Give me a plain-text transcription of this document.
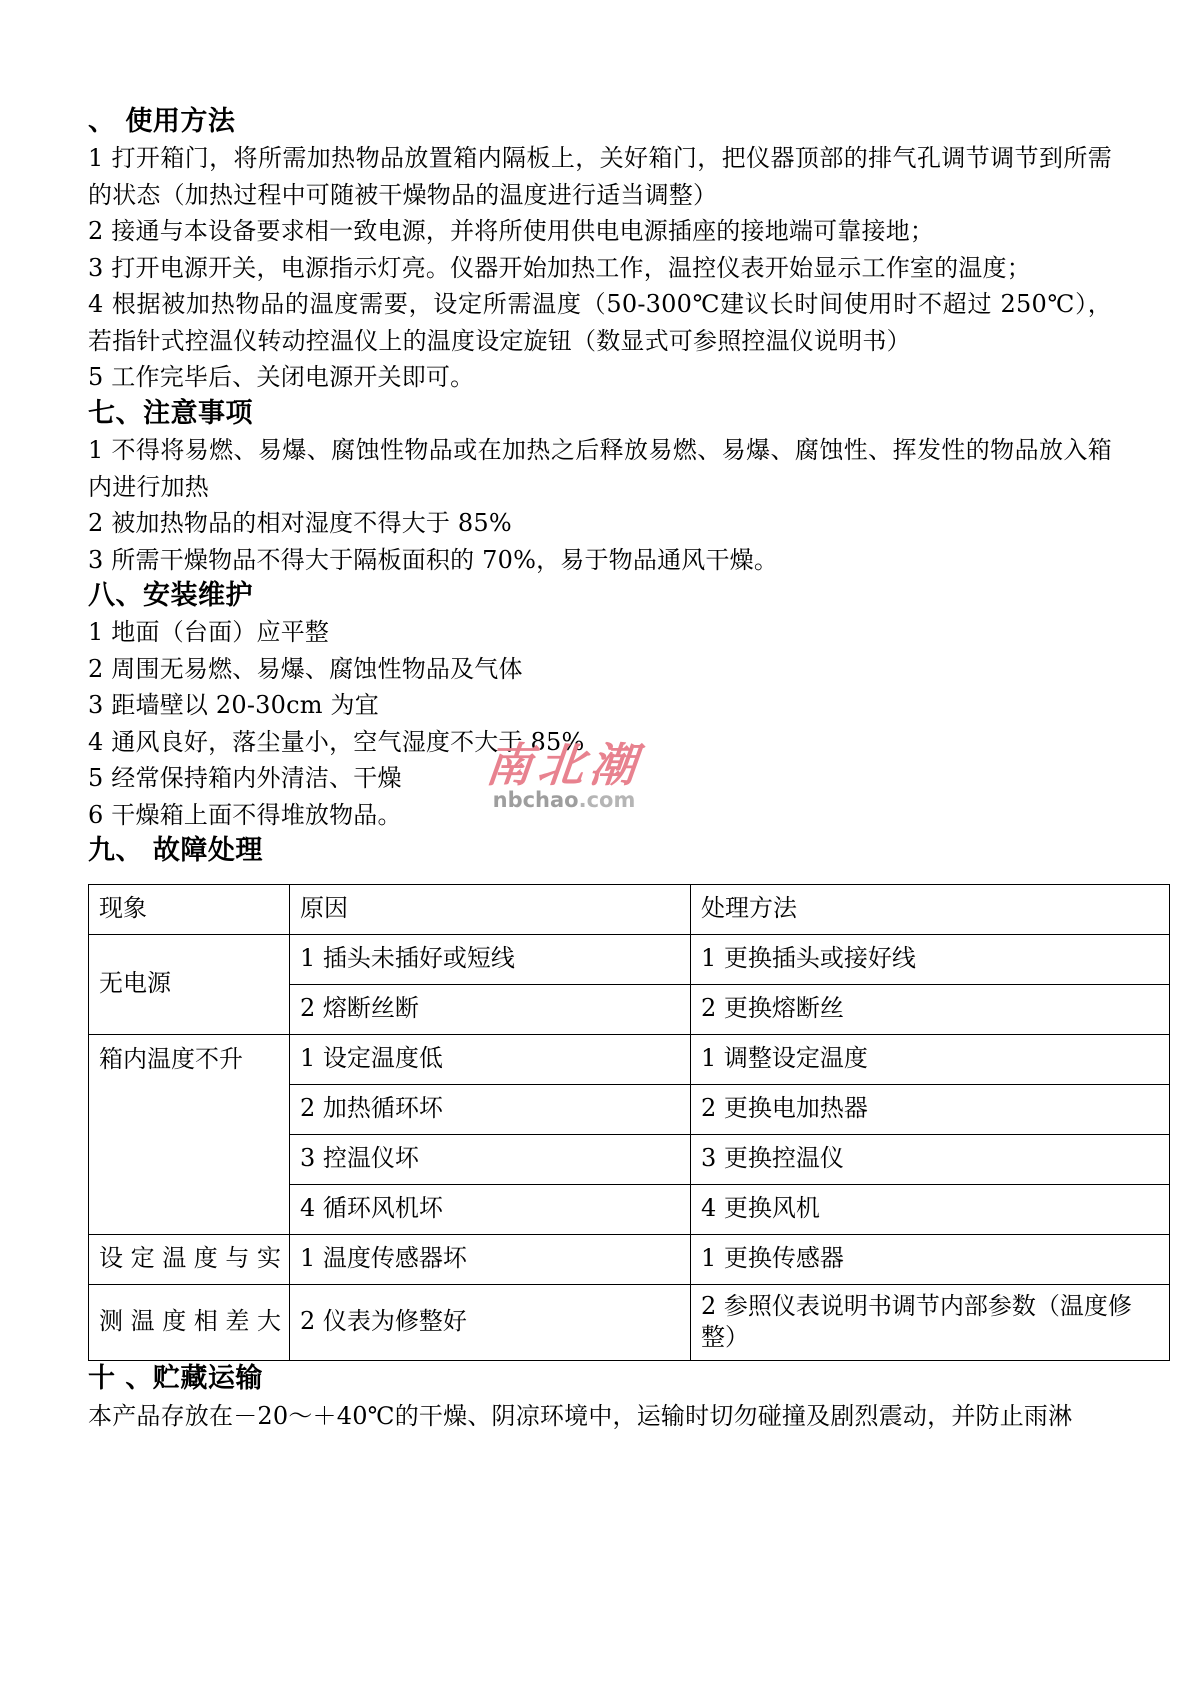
、 使用方法

1 打开箱门，将所需加热物品放置箱内隔板上，关好箱门，把仪器顶部的排气孔调节调节到所需的状态（加热过程中可随被干燥物品的温度进行适当调整）

2 接通与本设备要求相一致电源，并将所使用供电电源插座的接地端可靠接地；

3 打开电源开关，电源指示灯亮。仪器开始加热工作，温控仪表开始显示工作室的温度；

4 根据被加热物品的温度需要，设定所需温度（50-300℃建议长时间使用时不超过 250℃），若指针式控温仪转动控温仪上的温度设定旋钮（数显式可参照控温仪说明书）

5 工作完毕后、关闭电源开关即可。

七、注意事项

1 不得将易燃、易爆、腐蚀性物品或在加热之后释放易燃、易爆、腐蚀性、挥发性的物品放入箱内进行加热

2 被加热物品的相对湿度不得大于 85%

3 所需干燥物品不得大于隔板面积的 70%，易于物品通风干燥。

八、安装维护

1 地面（台面）应平整

2 周围无易燃、易爆、腐蚀性物品及气体

3 距墙壁以 20-30cm 为宜

4 通风良好，落尘量小，空气湿度不大于 85%

5 经常保持箱内外清洁、干燥

6 干燥箱上面不得堆放物品。

九、 故障处理
现象	原因	处理方法
无电源	1 插头未插好或短线	1 更换插头或接好线
	2 熔断丝断	2 更换熔断丝
箱内温度不升	1 设定温度低	1 调整设定温度
	2 加热循环坏	2 更换电加热器
	3 控温仪坏	3 更换控温仪
	4 循环风机坏	4 更换风机
设定温度与实	1 温度传感器坏	1 更换传感器
测温度相差大	2 仪表为修整好	2 参照仪表说明书调节内部参数（温度修整）
十 、贮藏运输

本产品存放在－20～＋40℃的干燥、阴凉环境中，运输时切勿碰撞及剧烈震动，并防止雨淋

南北潮
nbchao.com
